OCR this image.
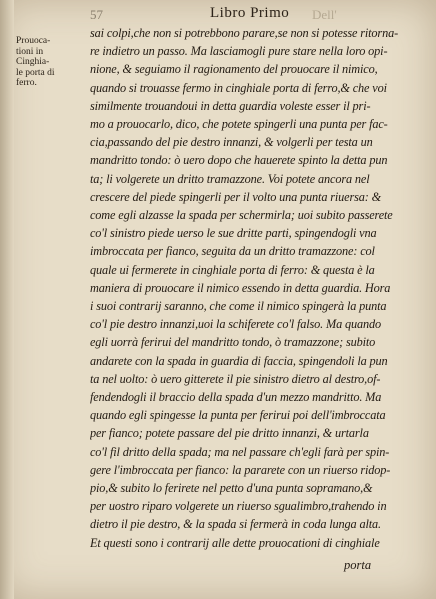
57	Libro Primo Dell'
Prouoca-
tioni in
Cinghia-
le porta di
ferro.
sai colpi,che non si potrebbono parare,se non si potesse ritorna-
re indietro un passo. Ma lasciamogli pure stare nella loro opi-
nione, & seguiamo il ragionamento del prouocare il nimico,
quando si trouasse fermo in cinghiale porta di ferro,& che voi
similmente trouandoui in detta guardia voleste esser il pri-
mo a prouocarlo, dico, che potete spingerli una punta per fac-
cia,passando del pie destro innanzi, & volgerli per testa un
mandritto tondo: ò uero dopo che hauerete spinto la detta pun
ta; li volgerete un dritto tramazzone. Voi potete ancora nel
crescere del piede spingerli per il volto una punta riuersa: &
come egli alzasse la spada per schermirla; uoi subito passerete
co'l sinistro piede uerso le sue dritte parti, spingendogli vna
imbroccata per fianco, seguita da un dritto tramazzone: col
quale ui fermerete in cinghiale porta di ferro: & questa è la
maniera di prouocare il nimico essendo in detta guardia. Hora
i suoi contrarij saranno, che come il nimico spingerà la punta
co'l pie destro innanzi,uoi la schiferete co'l falso. Ma quando
egli uorrà ferirui del mandritto tondo, ò tramazzone; subito
andarete con la spada in guardia di faccia, spingendoli la pun
ta nel uolto: ò uero gitterete il pie sinistro dietro al destro,of-
fendendogli il braccio della spada d'un mezzo mandritto. Ma
quando egli spingesse la punta per ferirui poi dell'imbroccata
per fianco; potete passare del pie dritto innanzi, & urtarla
co'l fil dritto della spada; ma nel passare ch'egli farà per spin-
gere l'imbroccata per fianco: la pararete con un riuerso ridop-
pio,& subito lo ferirete nel petto d'una punta sopramano,&
per uostro riparo volgerete un riuerso sgualimbro,trahendo in
dietro il pie destro, & la spada si fermerà in coda lunga alta.
Et questi sono i contrarij alle dette prouocationi di cinghiale
porta
